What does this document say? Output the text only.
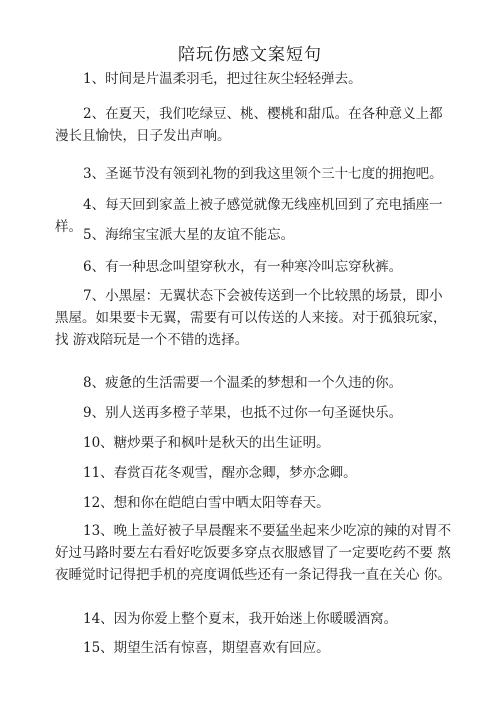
陪玩伤感文案短句

1、时间是片温柔羽毛，把过往灰尘轻轻弹去。

2、在夏天，我们吃绿豆、桃、樱桃和甜瓜。在各种意义上都漫长且愉快，日子发出声响。

3、圣诞节没有领到礼物的到我这里领个三十七度的拥抱吧。

4、每天回到家盖上被子感觉就像无线座机回到了充电插座一 样。 5、海绵宝宝派大星的友谊不能忘。

6、有一种思念叫望穿秋水，有一种寒冷叫忘穿秋裤。

7、小黑屋：无翼状态下会被传送到一个比较黑的场景，即小黑屋。如果要卡无翼，需要有可以传送的人来接。对于孤狼玩家，找 游戏陪玩是一个不错的选择。

8、疲惫的生活需要一个温柔的梦想和一个久违的你。

9、别人送再多橙子苹果，也抵不过你一句圣诞快乐。

10、糖炒栗子和枫叶是秋天的出生证明。

11、春赏百花冬观雪，醒亦念卿，梦亦念卿。

12、想和你在皑皑白雪中晒太阳等春天。

13、晚上盖好被子早晨醒来不要猛坐起来少吃凉的辣的对胃不好过马路时要左右看好吃饭要多穿点衣服感冒了一定要吃药不要 熬夜睡觉时记得把手机的亮度调低些还有一条记得我一直在关心 你。

14、因为你爱上整个夏末，我开始迷上你暖暖酒窝。

15、期望生活有惊喜，期望喜欢有回应。
